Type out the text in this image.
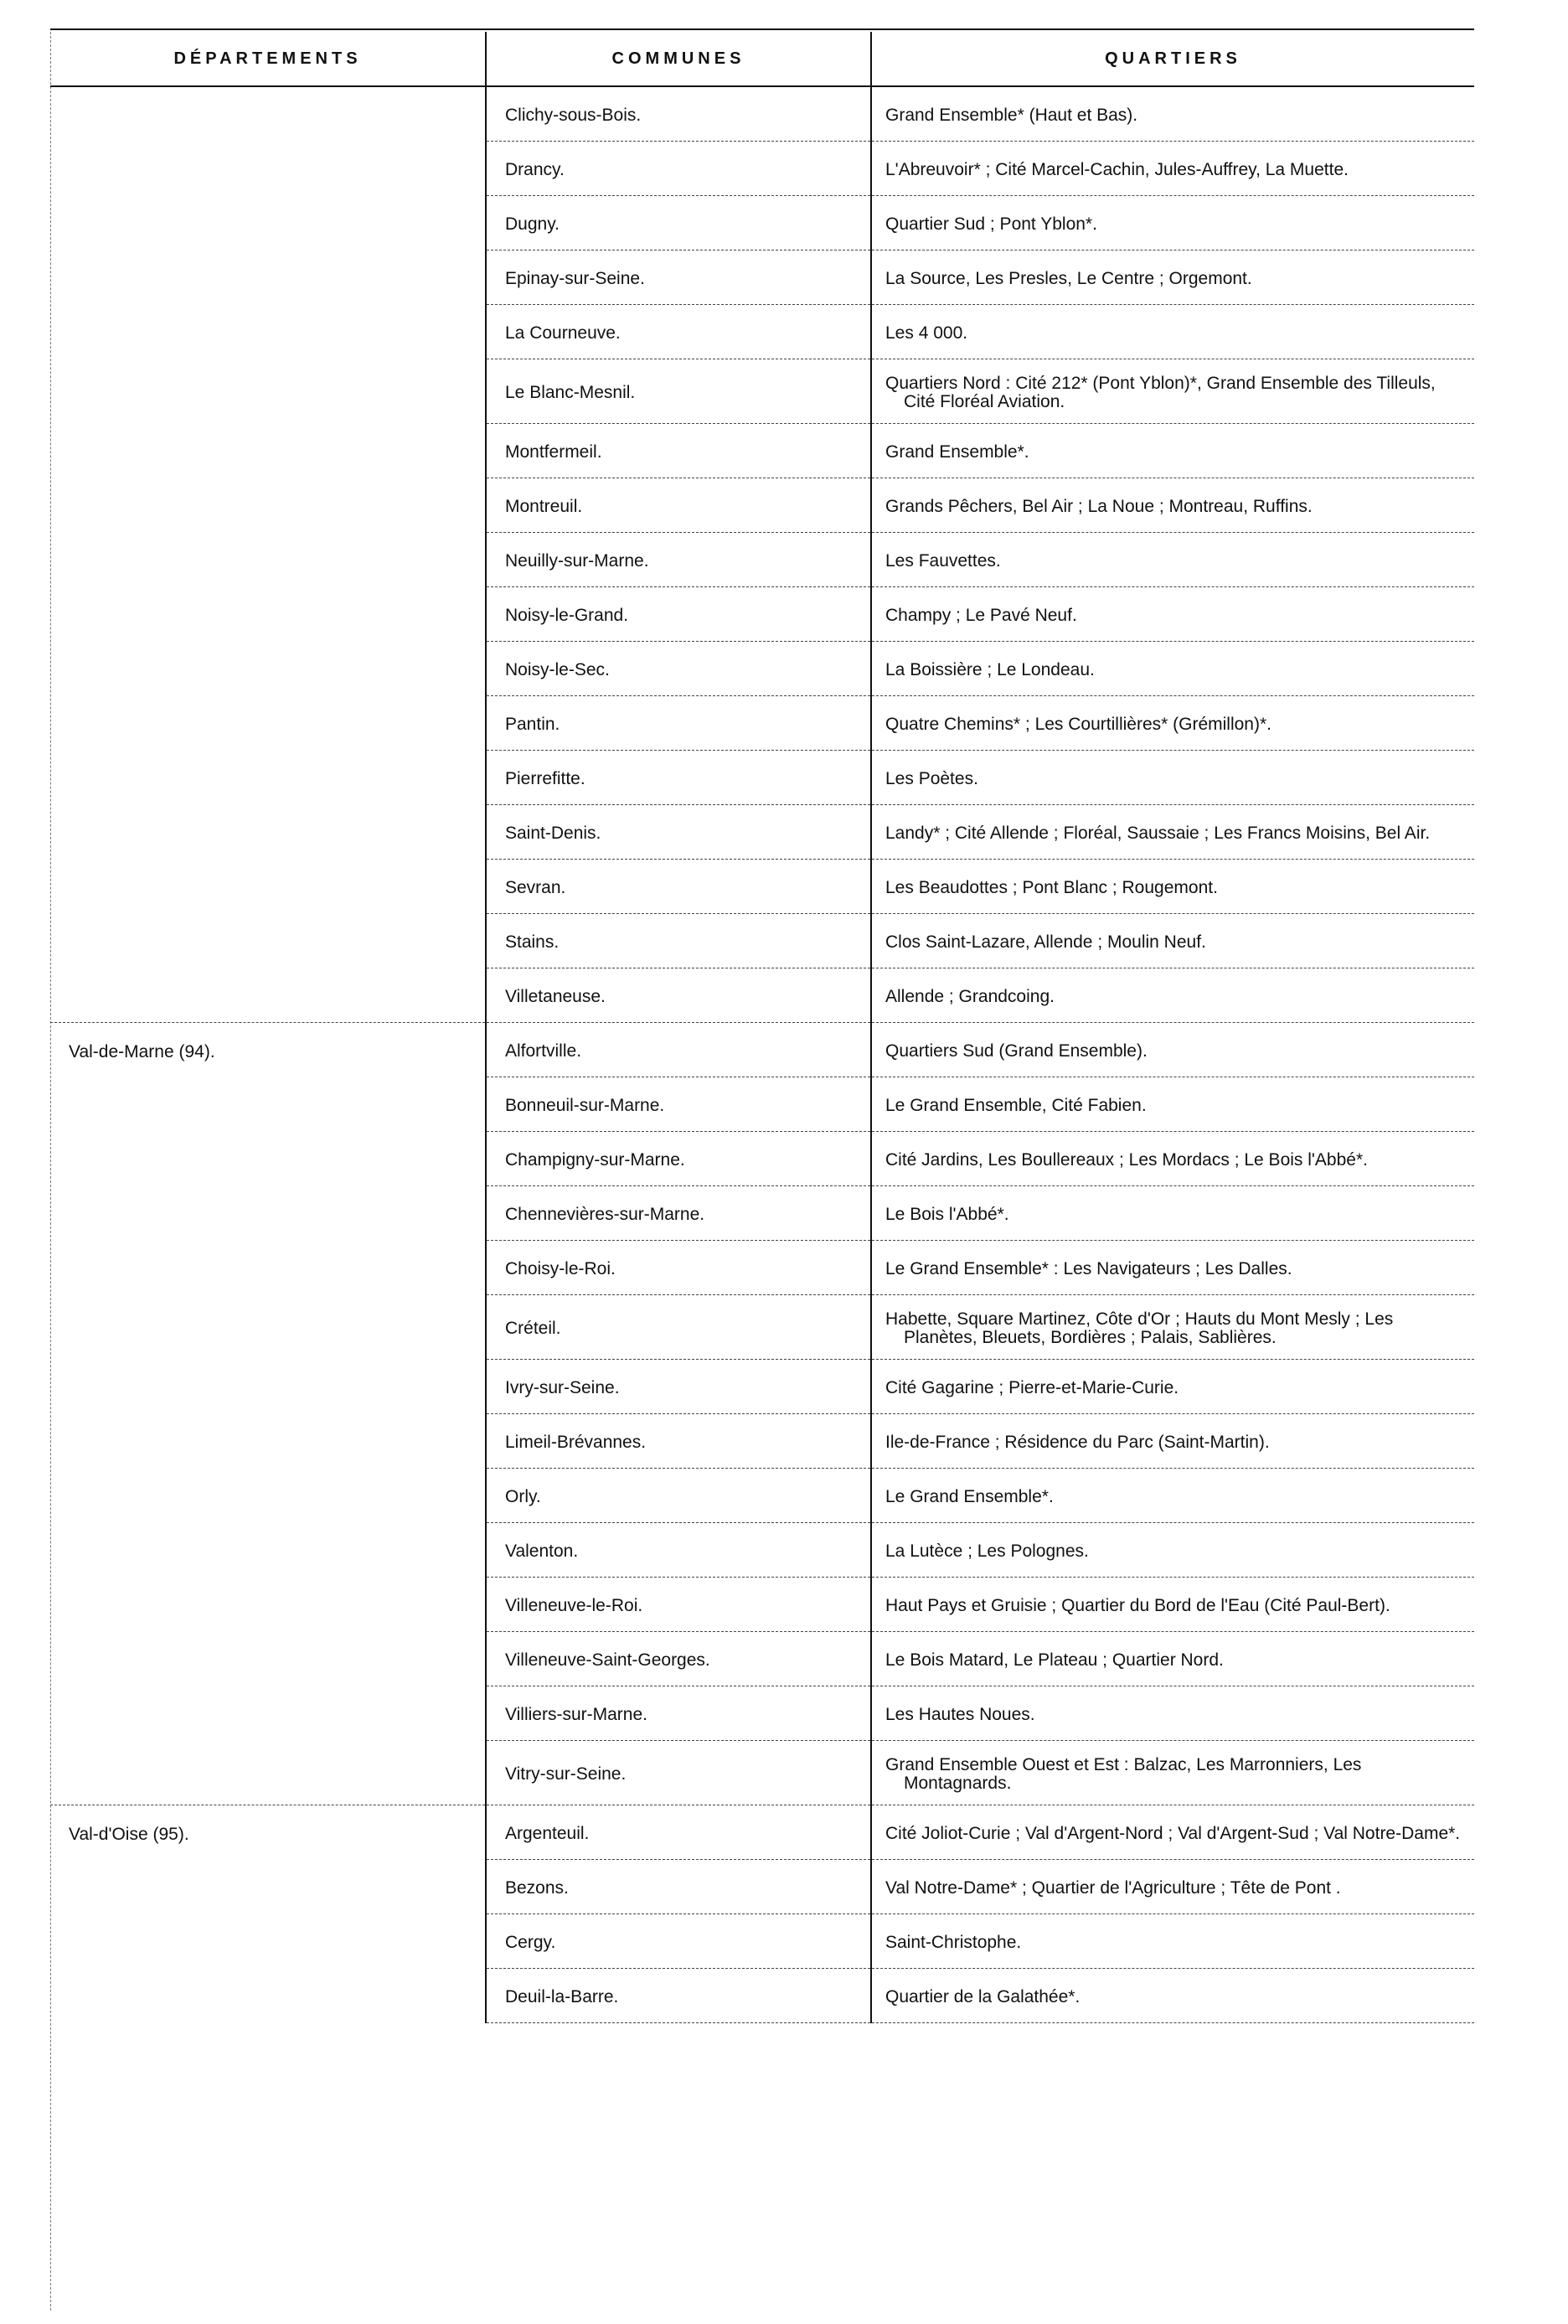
DÉPARTEMENTS	COMMUNES	QUARTIERS
	Clichy-sous-Bois.	Grand Ensemble* (Haut et Bas).

	Drancy.	L'Abreuvoir* ; Cité Marcel-Cachin, Jules-Auffrey, La Muette.

	Dugny.	Quartier Sud ; Pont Yblon*.

	Epinay-sur-Seine.	La Source, Les Presles, Le Centre ; Orgemont.

	La Courneuve.	Les 4 000.

	Le Blanc-Mesnil.	Quartiers Nord : Cité 212* (Pont Yblon)*, Grand Ensemble des Tilleuls, Cité Floréal Aviation.

	Montfermeil.	Grand Ensemble*.

	Montreuil.	Grands Pêchers, Bel Air ; La Noue ; Montreau, Ruffins.

	Neuilly-sur-Marne.	Les Fauvettes.

	Noisy-le-Grand.	Champy ; Le Pavé Neuf.

	Noisy-le-Sec.	La Boissière ; Le Londeau.

	Pantin.	Quatre Chemins* ; Les Courtillières* (Grémillon)*.

	Pierrefitte.	Les Poètes.

	Saint-Denis.	Landy* ; Cité Allende ; Floréal, Saussaie ; Les Francs Moisins, Bel Air.

	Sevran.	Les Beaudottes ; Pont Blanc ; Rougemont.

	Stains.	Clos Saint-Lazare, Allende ; Moulin Neuf.

	Villetaneuse.	Allende ; Grandcoing.

Val-de-Marne (94).	Alfortville.	Quartiers Sud (Grand Ensemble).

	Bonneuil-sur-Marne.	Le Grand Ensemble, Cité Fabien.

	Champigny-sur-Marne.	Cité Jardins, Les Boullereaux ; Les Mordacs ; Le Bois l'Abbé*.

	Chennevières-sur-Marne.	Le Bois l'Abbé*.

	Choisy-le-Roi.	Le Grand Ensemble* : Les Navigateurs ; Les Dalles.

	Créteil.	Habette, Square Martinez, Côte d'Or ; Hauts du Mont Mesly ; Les Planètes, Bleuets, Bordières ; Palais, Sablières.

	Ivry-sur-Seine.	Cité Gagarine ; Pierre-et-Marie-Curie.

	Limeil-Brévannes.	Ile-de-France ; Résidence du Parc (Saint-Martin).

	Orly.	Le Grand Ensemble*.

	Valenton.	La Lutèce ; Les Polognes.

	Villeneuve-le-Roi.	Haut Pays et Gruisie ; Quartier du Bord de l'Eau (Cité Paul-Bert).

	Villeneuve-Saint-Georges.	Le Bois Matard, Le Plateau ; Quartier Nord.

	Villiers-sur-Marne.	Les Hautes Noues.

	Vitry-sur-Seine.	Grand Ensemble Ouest et Est : Balzac, Les Marronniers, Les Montagnards.

Val-d'Oise (95).	Argenteuil.	Cité Joliot-Curie ; Val d'Argent-Nord ; Val d'Argent-Sud ; Val Notre-Dame*.

	Bezons.	Val Notre-Dame* ; Quartier de l'Agriculture ; Tête de Pont .

	Cergy.	Saint-Christophe.

	Deuil-la-Barre.	Quartier de la Galathée*.
